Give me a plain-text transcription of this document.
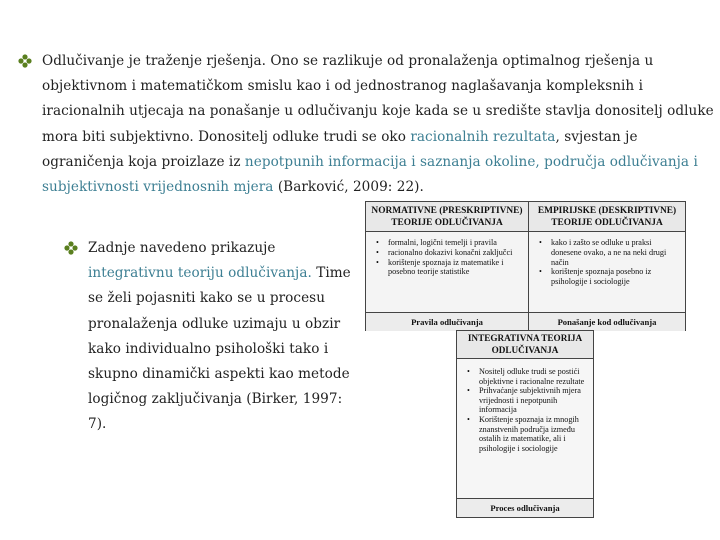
Odlučivanje je traženje rješenja. Ono se razlikuje od pronalaženja optimalnog rješenja u objektivnom i matematičkom smislu kao i od jednostranog naglašavanja kompleksnih i iracionalnih utjecaja na ponašanje u odlučivanju koje kada se u središte stavlja donositelj odluke mora biti subjektivno. Donositelj odluke trudi se oko racionalnih rezultata, svjestan je ograničenja koja proizlaze iz nepotpunih informacija i saznanja okoline, područja odlučivanja i subjektivnosti vrijednosnih mjera (Barković, 2009: 22).

Zadnje navedeno prikazuje integrativnu teoriju odlučivanja. Time se želi pojasniti kako se u procesu pronalaženja odluke uzimaju u obzir kako individualno psihološki tako i skupno dinamički aspekti kao metode logičnog zaključivanja (Birker, 1997: 7).

NORMATIVNE (PRESKRIPTIVNE) TEORIJE ODLUČIVANJA
• formalni, logični temelji i pravila
• racionalno dokazivi konačni zaključci
• korištenje spoznaja iz matematike i posebno teorije statistike
EMPIRIJSKE (DESKRIPTIVNE) TEORIJE ODLUČIVANJA
• kako i zašto se odluke u praksi donesene ovako, a ne na neki drugi način
• korištenje spoznaja posebno iz psihologije i sociologije
Pravila odlučivanja	Ponašanje kod odlučivanja
INTEGRATIVNA TEORIJA ODLUČIVANJA
• Nositelj odluke trudi se postići objektivne i racionalne rezultate
• Prihvaćanje subjektivnih mjera vrijednosti i nepotpunih informacija
• Korištenje spoznaja iz mnogih znanstvenih područja između ostalih iz matematike, ali i psihologije i sociologije
Proces odlučivanja
